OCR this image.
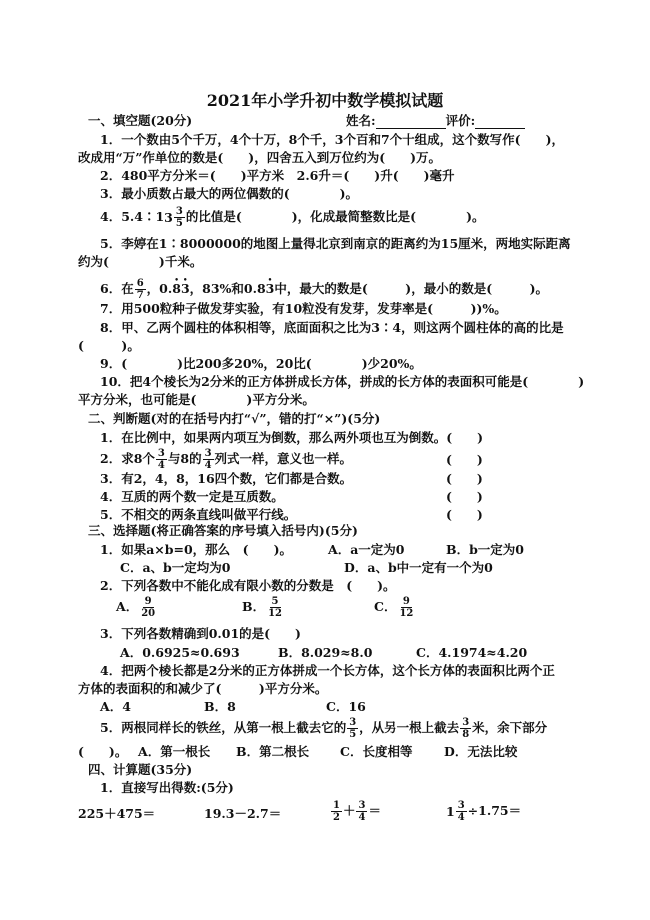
2021年小学升初中数学模拟试题
一、填空题(20分)	姓名:	评价:
1．一个数由5个千万，4个十万，8个千，3个百和7个十组成，这个数写作(　　)，
改成用“万”作单位的数是(　　)，四舍五入到万位约为(　　)万。
2．480平方分米＝(　　)平方米　2.6升＝(　　)升(　　)毫升
3．最小质数占最大的两位偶数的(　　　　)。
4．5.4∶1 $3 \frac{3}{5}$ 的比值是(　　　　)，化成最简整数比是(　　　　)。
5．李婷在1∶8000000的地图上量得北京到南京的距离约为15厘米，两地实际距离
约为(　　　　)千米。
6．在 $\frac{6}{7}$ ，0.• 8• 3，83%和0.8• 3中，最大的数是(　　　)，最小的数是(　　　)。
7．用500粒种子做发芽实验，有10粒没有发芽，发芽率是(　　　))%。
8．甲、乙两个圆柱的体积相等，底面面积之比为3∶4，则这两个圆柱体的高的比是
(　　　)。
9．(　　　　)比200多20%，20比(　　　　)少20%。
10．把4个棱长为2分米的正方体拼成长方体，拼成的长方体的表面积可能是(　　　　)
平方分米，也可能是(　　　　)平方分米。
二、判断题(对的在括号内打“√”，错的打“×”)(5分)
1．在比例中，如果两内项互为倒数，那么两外项也互为倒数。(　　)
2．求8个 $\frac{3}{4}$ 与8的 $\frac{3}{4}$ 列式一样，意义也一样。	(　　)
3．有2，4，8，16四个数，它们都是合数。	(　　)
4．互质的两个数一定是互质数。	(　　)
5．不相交的两条直线叫做平行线。	(　　)
三、选择题(将正确答案的序号填入括号内)(5分)
1．如果a×b=0，那么　(　　)。	A．a一定为0	B．b一定为0
C．a、b一定均为0	D．a、b中一定有一个为0
2．下列各数中不能化成有限小数的分数是　(　　)。
A． $\frac{9}{20}$	B． $\frac{5}{12}$	C． $\frac{9}{12}$
3．下列各数精确到0.01的是(　　)
A．0.6925≈0.693	B．8.029≈8.0	C．4.1974≈4.20
4．把两个棱长都是2分米的正方体拼成一个长方体，这个长方体的表面积比两个正
方体的表面积的和减少了(　　　)平方分米。
A．4	B．8	C．16
5．两根同样长的铁丝，从第一根上截去它的 $\frac{3}{5}$ ，从另一根上截去 $\frac{3}{8}$ 米，余下部分
(　　)。 A．第一根长 B．第二根长 C．长度相等	D．无法比较
四、计算题(35分)
1．直接写出得数:(5分)
225＋475＝	19.3－2.7＝	$\frac{1}{2} + \frac{3}{4}$ ＝	$1 \frac{3}{4} \div 1.75=$
